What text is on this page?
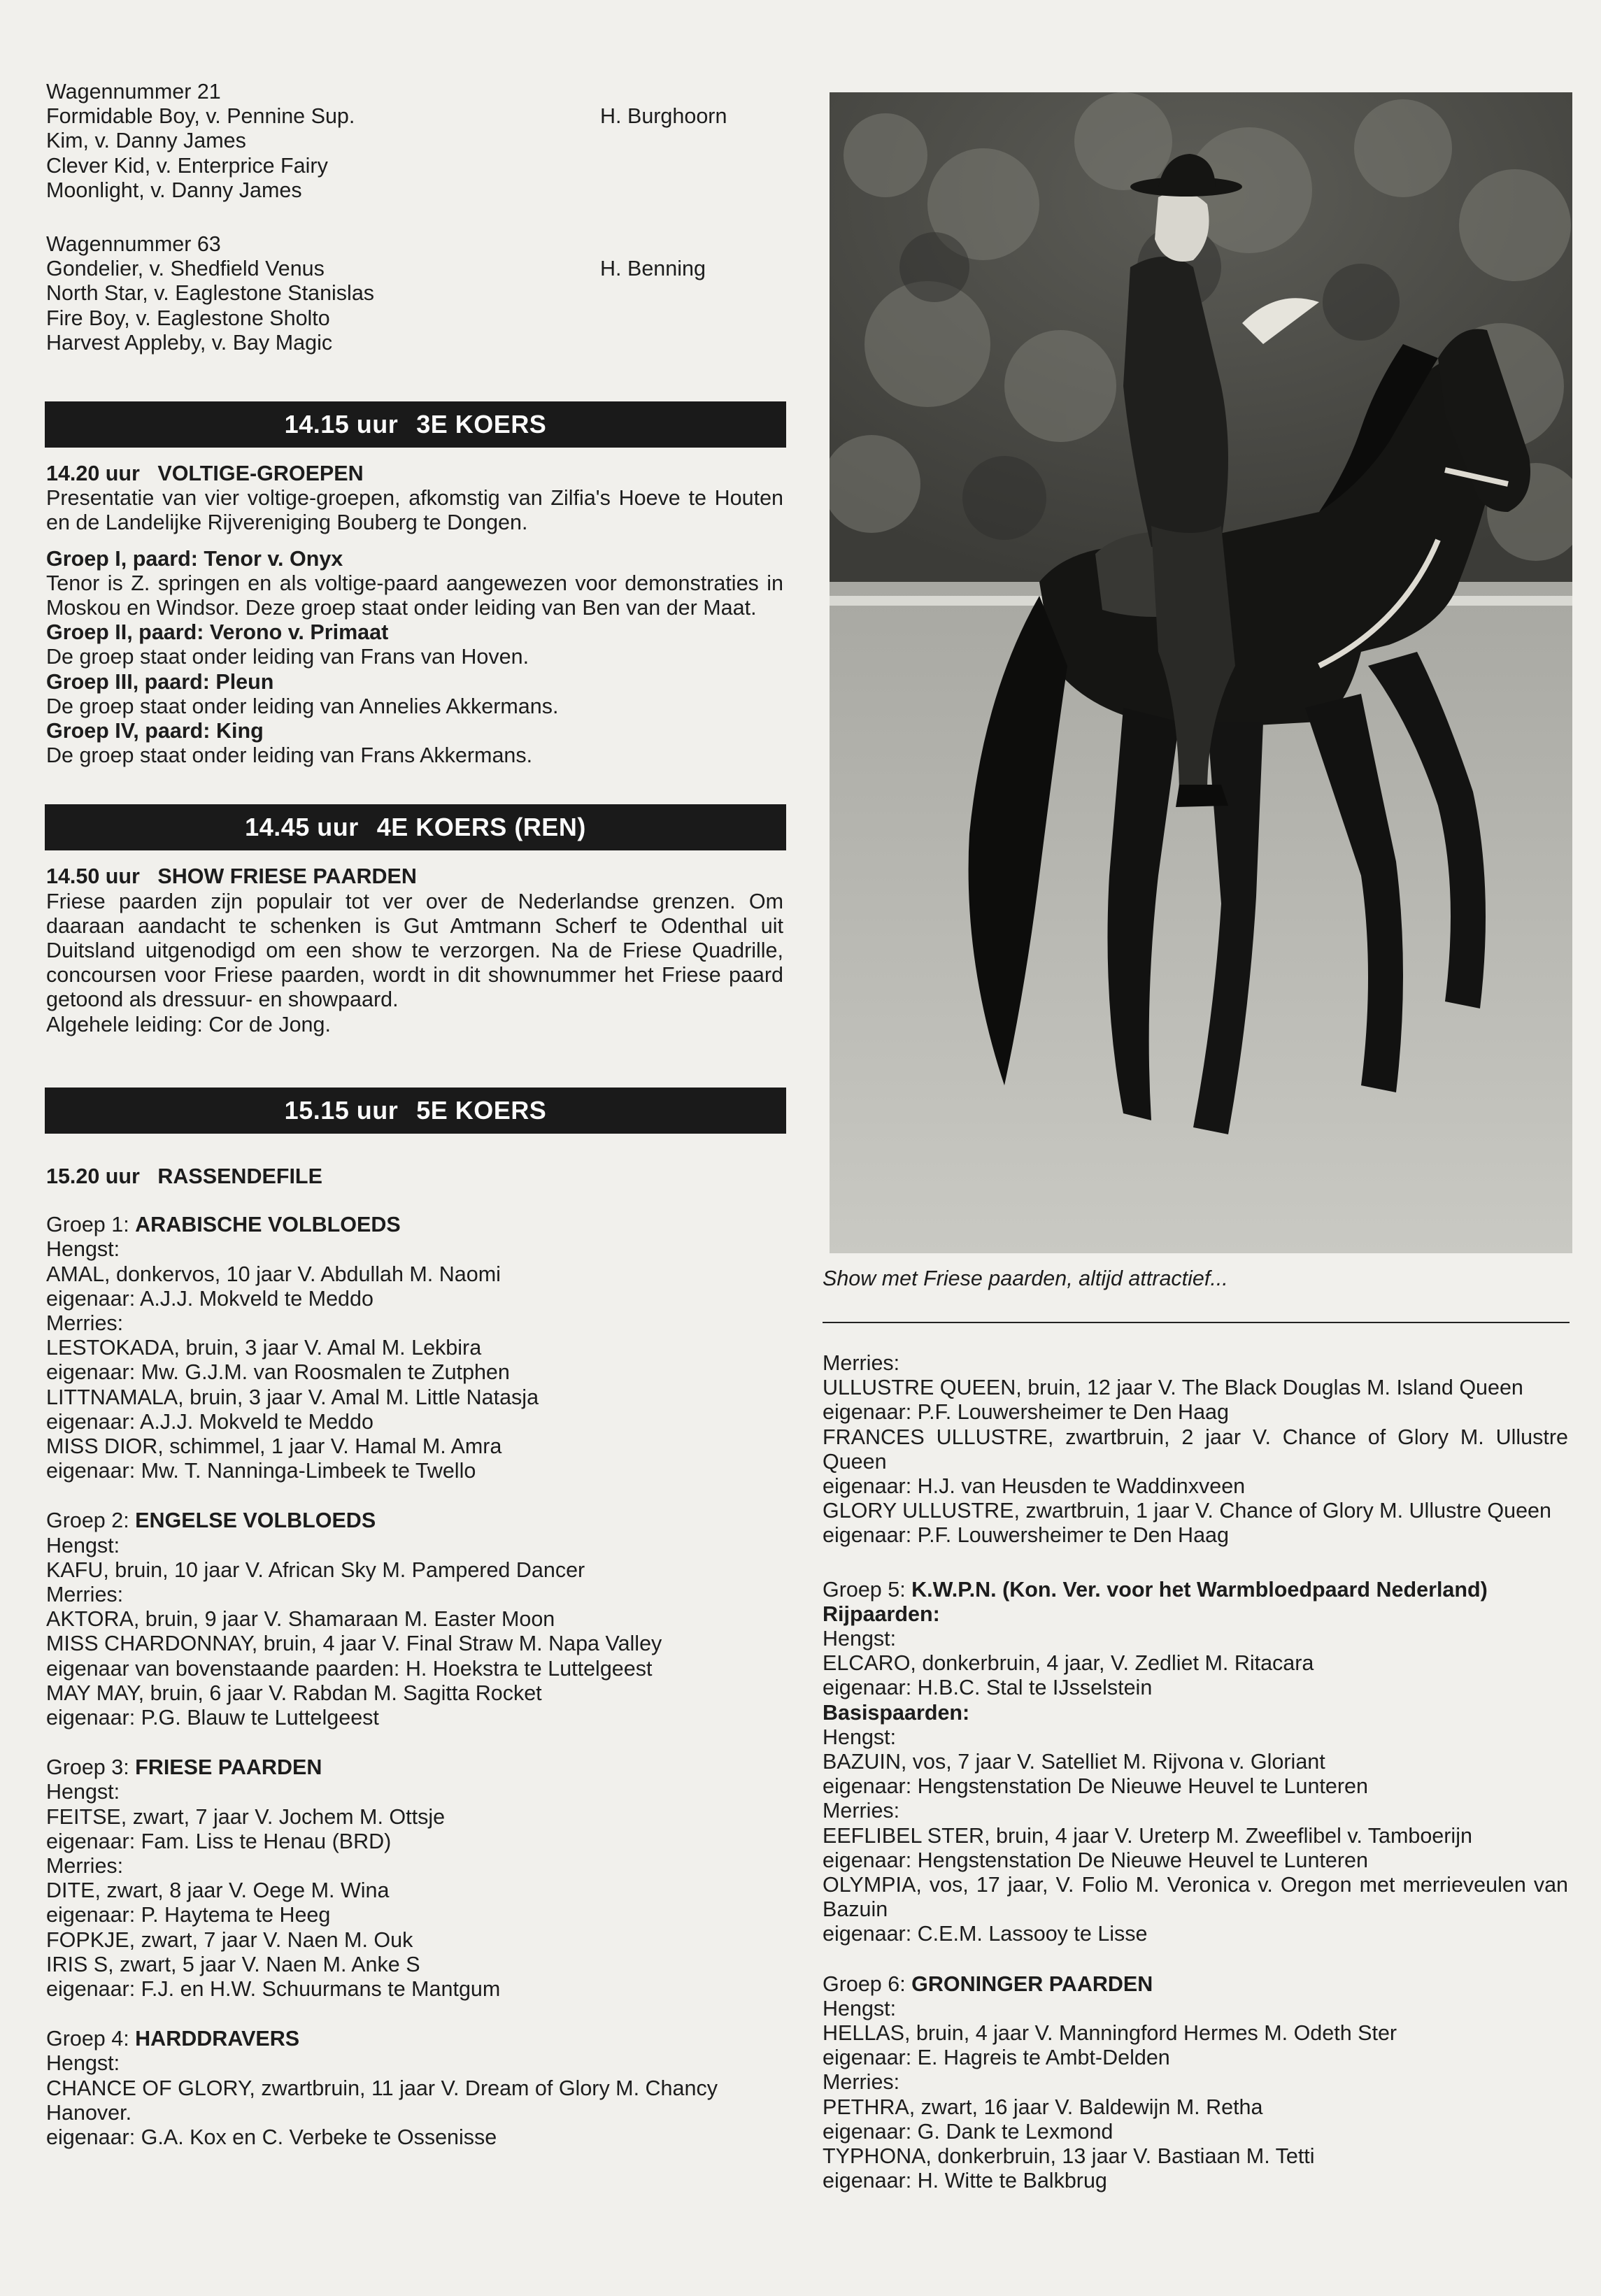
Wagennummer 21
Formidable Boy, v. Pennine Sup.	H. Burghoorn
Kim, v. Danny James
Clever Kid, v. Enterprice Fairy
Moonlight, v. Danny James
Wagennummer 63
Gondelier, v. Shedfield Venus	H. Benning
North Star, v. Eaglestone Stanislas
Fire Boy, v. Eaglestone Sholto
Harvest Appleby, v. Bay Magic
14.15 uur 3E KOERS
14.20 uur   VOLTIGE-GROEPEN
Presentatie van vier voltige-groepen, afkomstig van Zilfia's Hoeve te Houten en de Landelijke Rijvereniging Bouberg te Dongen.
Groep I, paard: Tenor v. Onyx
Tenor is Z. springen en als voltige-paard aangewezen voor demonstraties in Moskou en Windsor. Deze groep staat onder leiding van Ben van der Maat.
Groep II, paard: Verono v. Primaat
De groep staat onder leiding van Frans van Hoven.
Groep III, paard: Pleun
De groep staat onder leiding van Annelies Akkermans.
Groep IV, paard: King
De groep staat onder leiding van Frans Akkermans.
14.45 uur 4E KOERS (REN)
14.50 uur   SHOW FRIESE PAARDEN
Friese paarden zijn populair tot ver over de Nederlandse grenzen. Om daaraan aandacht te schenken is Gut Amtmann Scherf te Odenthal uit Duitsland uitgenodigd om een show te verzorgen. Na de Friese Quadrille, concoursen voor Friese paarden, wordt in dit shownummer het Friese paard getoond als dressuur- en showpaard.
Algehele leiding: Cor de Jong.
15.15 uur 5E KOERS
15.20 uur   RASSENDEFILE
Groep 1: ARABISCHE VOLBLOEDS
Hengst:
AMAL, donkervos, 10 jaar V. Abdullah M. Naomi
eigenaar: A.J.J. Mokveld te Meddo
Merries:
LESTOKADA, bruin, 3 jaar V. Amal M. Lekbira
eigenaar: Mw. G.J.M. van Roosmalen te Zutphen
LITTNAMALA, bruin, 3 jaar V. Amal M. Little Natasja
eigenaar: A.J.J. Mokveld te Meddo
MISS DIOR, schimmel, 1 jaar V. Hamal M. Amra
eigenaar: Mw. T. Nanninga-Limbeek te Twello
Groep 2: ENGELSE VOLBLOEDS
Hengst:
KAFU, bruin, 10 jaar V. African Sky M. Pampered Dancer
Merries:
AKTORA, bruin, 9 jaar V. Shamaraan M. Easter Moon
MISS CHARDONNAY, bruin, 4 jaar V. Final Straw M. Napa Valley
eigenaar van bovenstaande paarden: H. Hoekstra te Luttelgeest
MAY MAY, bruin, 6 jaar V. Rabdan M. Sagitta Rocket
eigenaar: P.G. Blauw te Luttelgeest
Groep 3: FRIESE PAARDEN
Hengst:
FEITSE, zwart, 7 jaar V. Jochem M. Ottsje
eigenaar: Fam. Liss te Henau (BRD)
Merries:
DITE, zwart, 8 jaar V. Oege M. Wina
eigenaar: P. Haytema te Heeg
FOPKJE, zwart, 7 jaar V. Naen M. Ouk
IRIS S, zwart, 5 jaar V. Naen M. Anke S
eigenaar: F.J. en H.W. Schuurmans te Mantgum
Groep 4: HARDDRAVERS
Hengst:
CHANCE OF GLORY, zwartbruin, 11 jaar V. Dream of Glory M. Chancy Hanover.
eigenaar: G.A. Kox en C. Verbeke te Ossenisse
Show met Friese paarden, altijd attractief...
Merries:
ULLUSTRE QUEEN, bruin, 12 jaar V. The Black Douglas M. Island Queen
eigenaar: P.F. Louwersheimer te Den Haag
FRANCES ULLUSTRE, zwartbruin, 2 jaar V. Chance of Glory M. Ullustre Queen
eigenaar: H.J. van Heusden te Waddinxveen
GLORY ULLUSTRE, zwartbruin, 1 jaar V. Chance of Glory M. Ullustre Queen
eigenaar: P.F. Louwersheimer te Den Haag
Groep 5: K.W.P.N. (Kon. Ver. voor het Warmbloedpaard Nederland)
Rijpaarden:
Hengst:
ELCARO, donkerbruin, 4 jaar, V. Zedliet M. Ritacara
eigenaar: H.B.C. Stal te IJsselstein
Basispaarden:
Hengst:
BAZUIN, vos, 7 jaar V. Satelliet M. Rijvona v. Gloriant
eigenaar: Hengstenstation De Nieuwe Heuvel te Lunteren
Merries:
EEFLIBEL STER, bruin, 4 jaar V. Ureterp M. Zweeflibel v. Tamboerijn
eigenaar: Hengstenstation De Nieuwe Heuvel te Lunteren
OLYMPIA, vos, 17 jaar, V. Folio M. Veronica v. Oregon met merrieveulen van Bazuin
eigenaar: C.E.M. Lassooy te Lisse
Groep 6: GRONINGER PAARDEN
Hengst:
HELLAS, bruin, 4 jaar V. Manningford Hermes M. Odeth Ster
eigenaar: E. Hagreis te Ambt-Delden
Merries:
PETHRA, zwart, 16 jaar V. Baldewijn M. Retha
eigenaar: G. Dank te Lexmond
TYPHONA, donkerbruin, 13 jaar V. Bastiaan M. Tetti
eigenaar: H. Witte te Balkbrug
